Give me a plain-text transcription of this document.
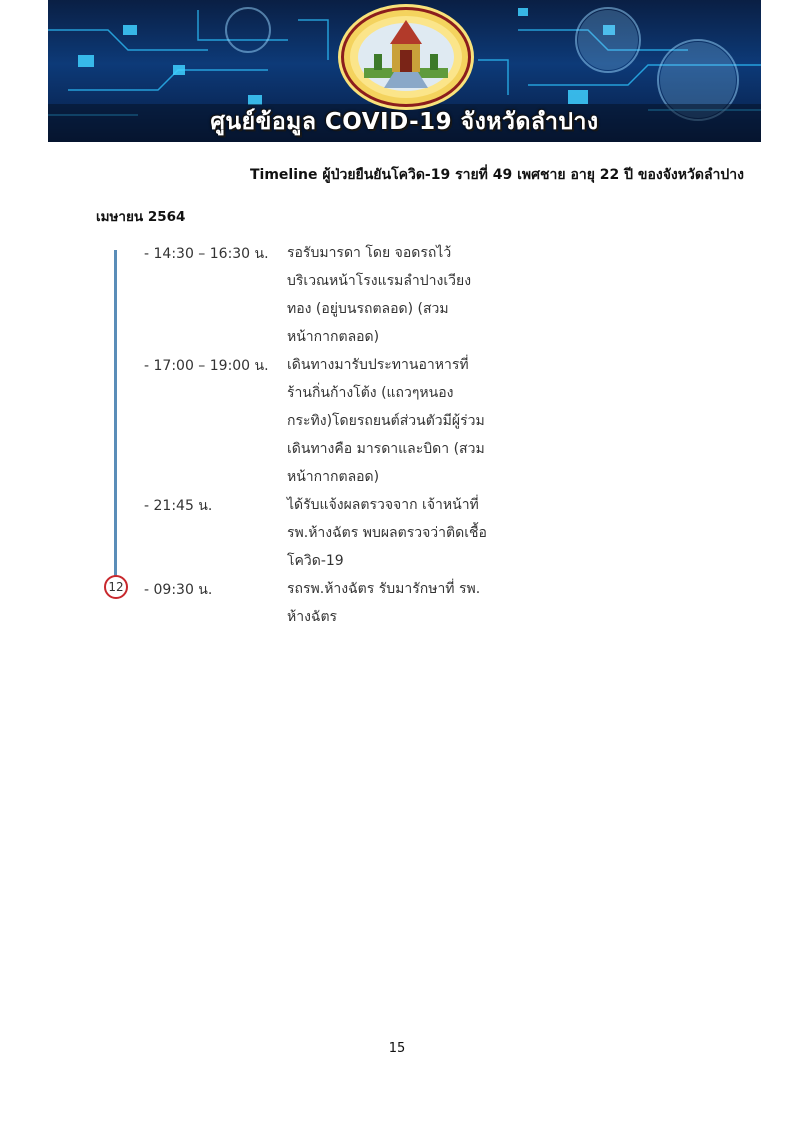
ศูนย์ข้อมูล COVID-19 จังหวัดลำปาง
Timeline ผู้ป่วยยืนยันโควิด-19 รายที่ 49 เพศชาย อายุ 22 ปี ของจังหวัดลำปาง
เมษายน 2564
12
- 14:30 – 16:30 น. รอรับมารดา โดย จอดรถไว้
บริเวณหน้าโรงแรมลำปางเวียง
ทอง (อยู่บนรถตลอด) (สวม
หน้ากากตลอด)
- 17:00 – 19:00 น. เดินทางมารับประทานอาหารที่
ร้านกิ่นก้างโต้ง (แถวๆหนอง
กระทิง)โดยรถยนต์ส่วนตัวมีผู้ร่วม
เดินทางคือ มารดาและบิดา (สวม
หน้ากากตลอด)
- 21:45 น.	ได้รับแจ้งผลตรวจจาก เจ้าหน้าที่
รพ.ห้างฉัตร พบผลตรวจว่าติดเชื้อ
โควิด-19
- 09:30 น.	รถรพ.ห้างฉัตร รับมารักษาที่ รพ.
ห้างฉัตร
15
